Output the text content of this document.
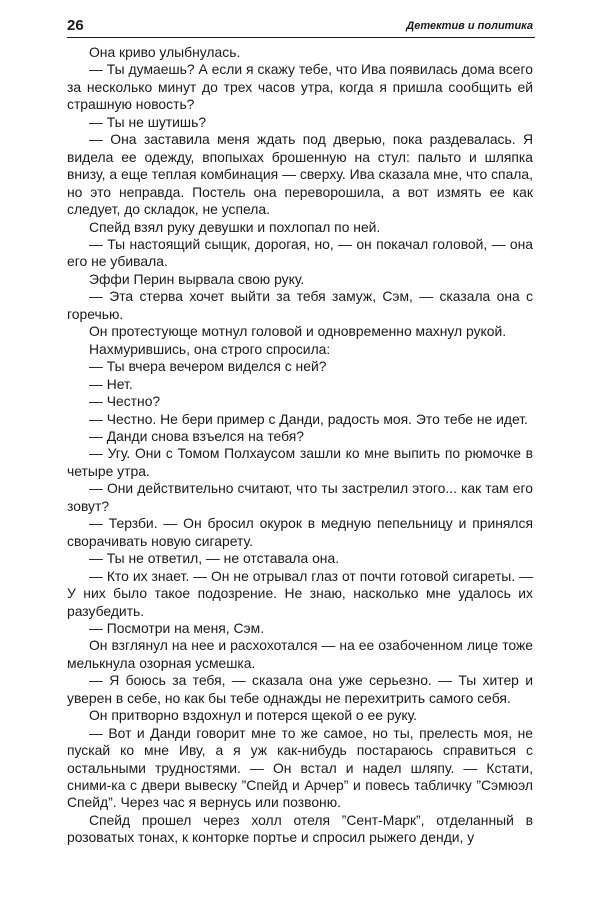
26	Детектив и политика

Она криво улыбнулась.

— Ты думаешь? А если я скажу тебе, что Ива появилась дома всего за несколько минут до трех часов утра, когда я пришла сообщить ей страшную новость?

— Ты не шутишь?

— Она заставила меня ждать под дверью, пока раздевалась. Я видела ее одежду, впопыхах брошенную на стул: пальто и шляпка внизу, а еще теплая комбинация — сверху. Ива сказала мне, что спала, но это неправда. Постель она переворошила, а вот измять ее как следует, до складок, не успела.

Спейд взял руку девушки и похлопал по ней.

— Ты настоящий сыщик, дорогая, но, — он покачал головой, — она его не убивала.

Эффи Перин вырвала свою руку.

— Эта стерва хочет выйти за тебя замуж, Сэм, — сказала она с горечью.

Он протестующе мотнул головой и одновременно махнул рукой.

Нахмурившись, она строго спросила:

— Ты вчера вечером виделся с ней?

— Нет.

— Честно?

— Честно. Не бери пример с Данди, радость моя. Это тебе не идет.

— Данди снова взъелся на тебя?

— Угу. Они с Томом Полхаусом зашли ко мне выпить по рюмочке в четыре утра.

— Они действительно считают, что ты застрелил этого... как там его зовут?

— Терзби. — Он бросил окурок в медную пепельницу и принялся сворачивать новую сигарету.

— Ты не ответил, — не отставала она.

— Кто их знает. — Он не отрывал глаз от почти готовой сигареты. — У них было такое подозрение. Не знаю, насколько мне удалось их разубедить.

— Посмотри на меня, Сэм.

Он взглянул на нее и расхохотался — на ее озабоченном лице тоже мелькнула озорная усмешка.

— Я боюсь за тебя, — сказала она уже серьезно. — Ты хитер и уверен в себе, но как бы тебе однажды не перехитрить самого себя.

Он притворно вздохнул и потерся щекой о ее руку.

— Вот и Данди говорит мне то же самое, но ты, прелесть моя, не пускай ко мне Иву, а я уж как-нибудь постараюсь справиться с остальными трудностями. — Он встал и надел шляпу. — Кстати, сними-ка с двери вывеску ”Спейд и Арчер” и повесь табличку ”Сэмюэл Спейд”. Через час я вернусь или позвоню.

Спейд прошел через холл отеля ”Сент-Марк”, отделанный в розоватых тонах, к конторке портье и спросил рыжего денди, у
